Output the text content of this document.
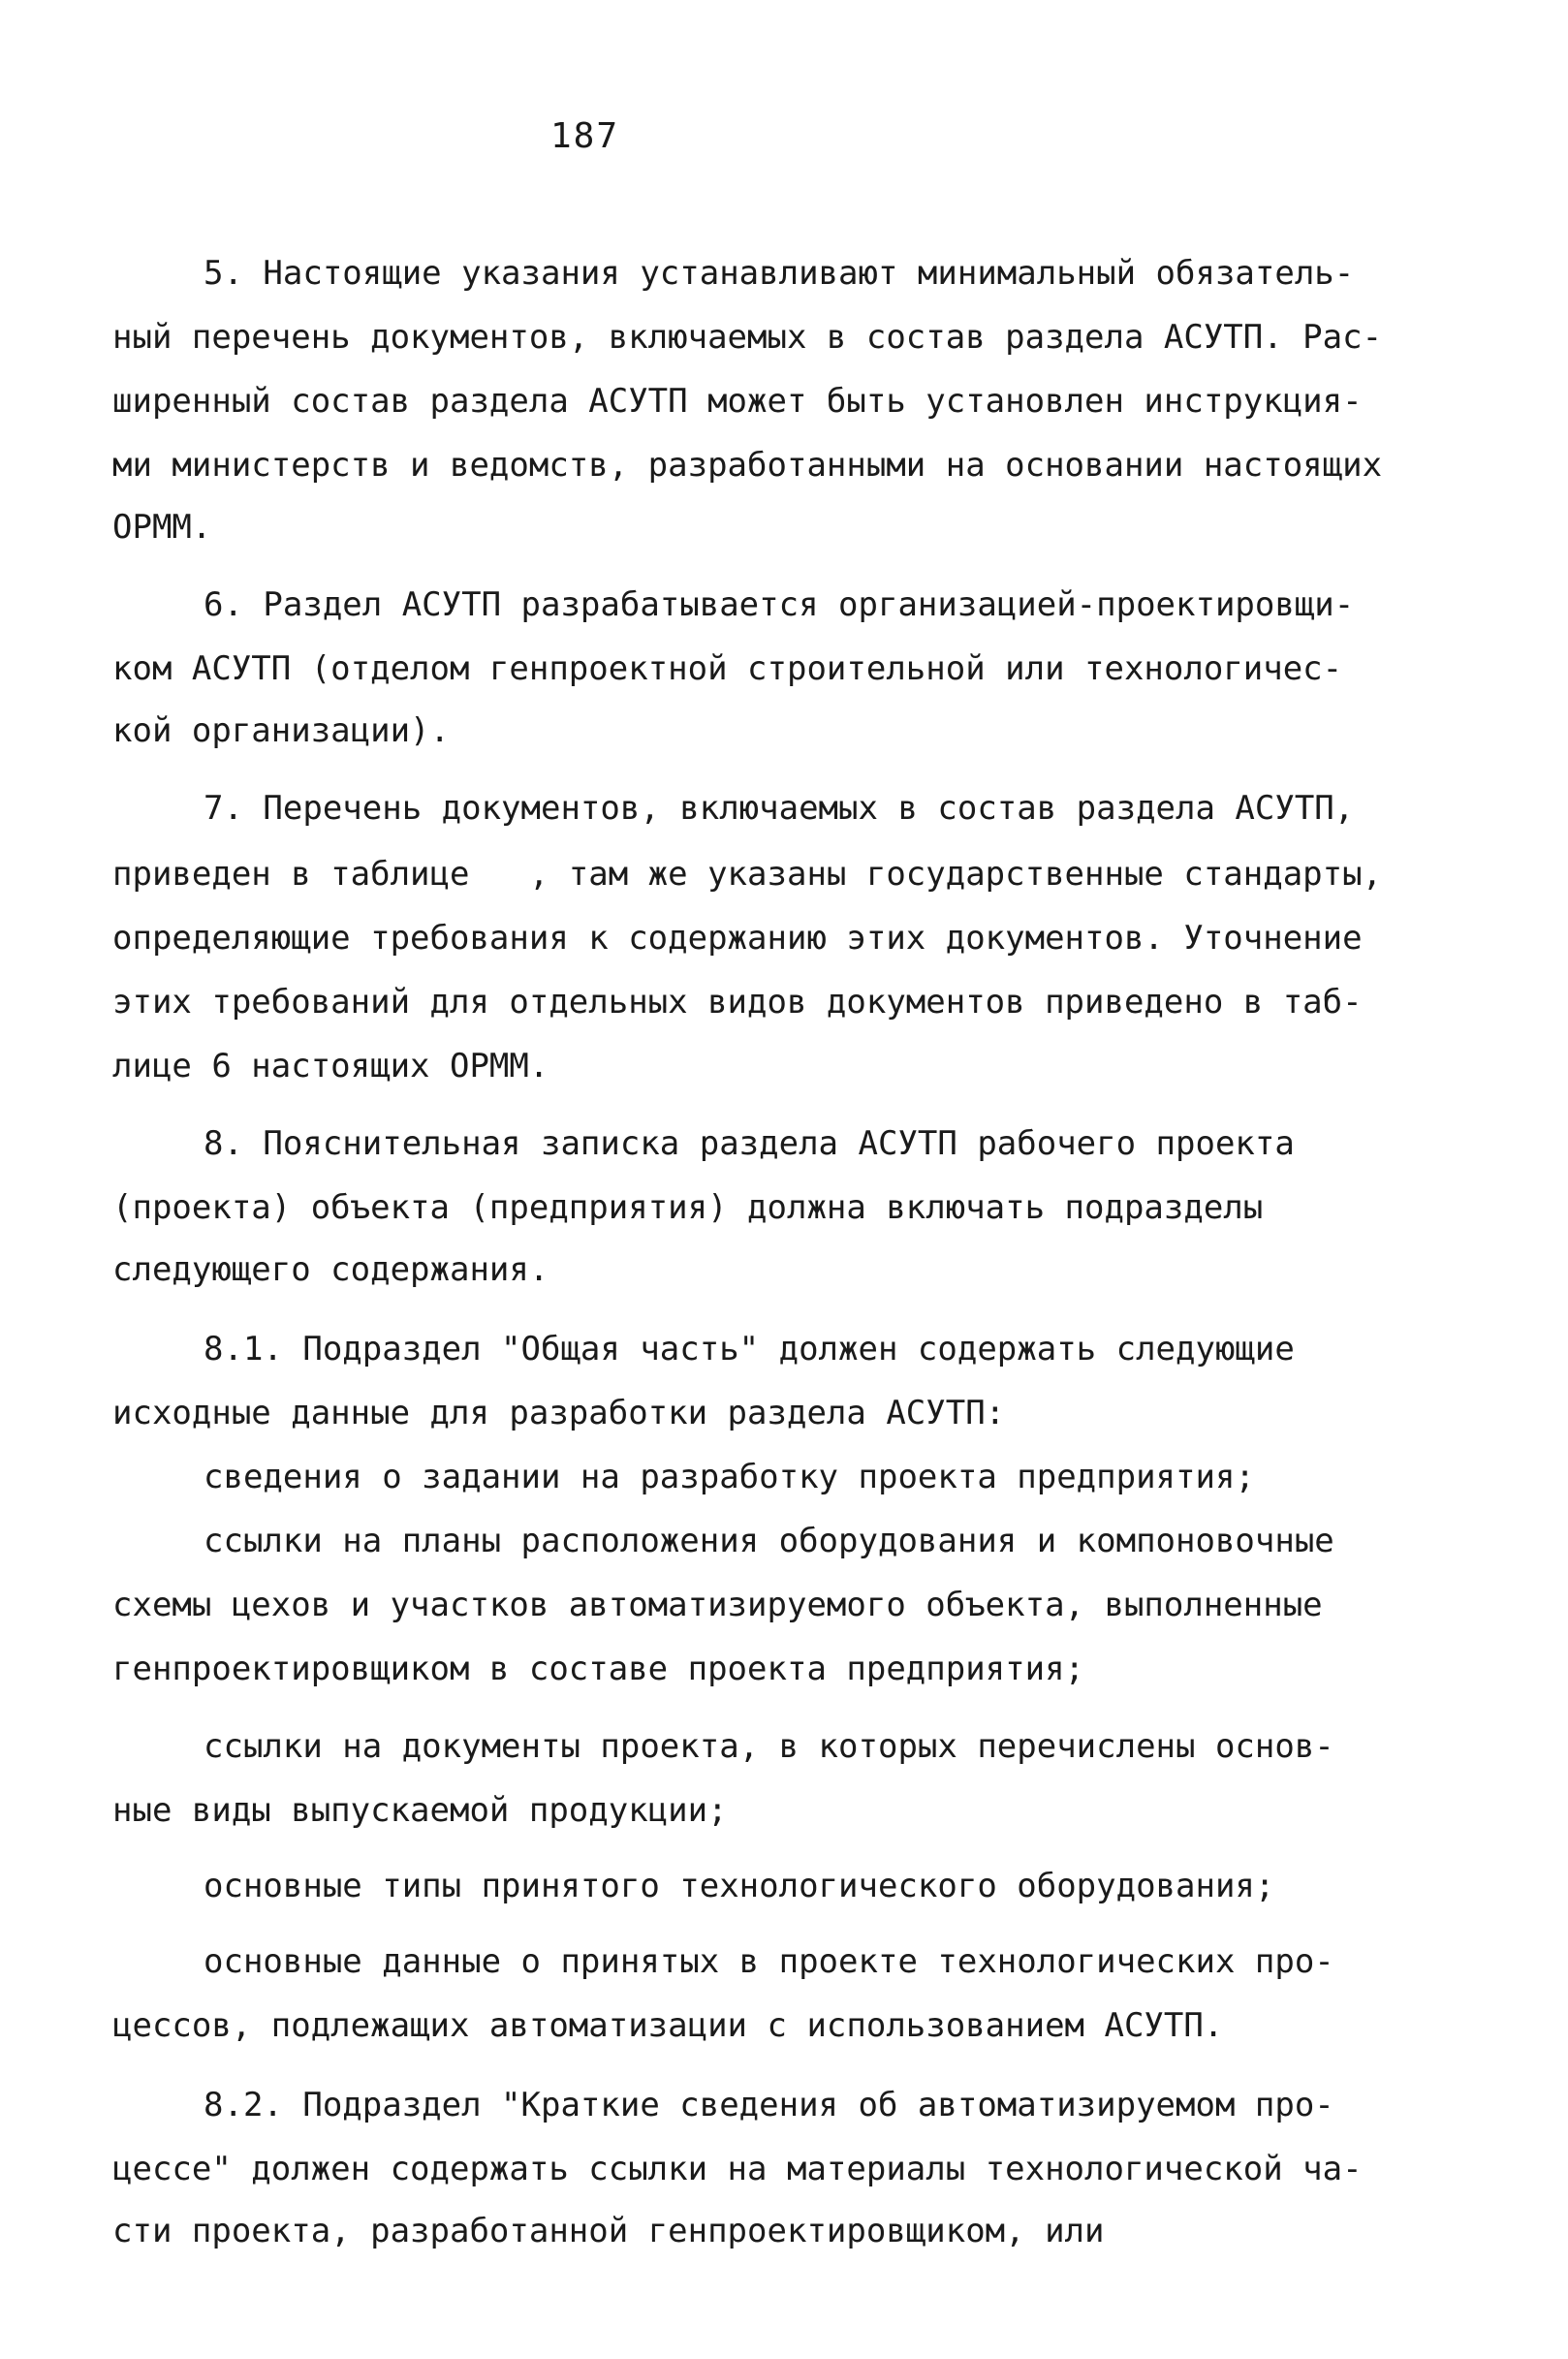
187
5. Настоящие указания устанавливают минимальный обязатель-
ный перечень документов, включаемых в состав раздела АСУТП. Рас-
ширенный состав раздела АСУТП может быть установлен инструкция-
ми министерств и ведомств, разработанными на основании настоящих
ОРММ.
6. Раздел АСУТП разрабатывается организацией-проектировщи-
ком АСУТП (отделом генпроектной строительной или технологичес-
кой организации).
7. Перечень документов, включаемых в состав раздела АСУТП,
приведен в таблице   , там же указаны государственные стандарты,
определяющие требования к содержанию этих документов. Уточнение
этих требований для отдельных видов документов приведено в таб-
лице 6 настоящих ОРММ.
8. Пояснительная записка раздела АСУТП рабочего проекта
(проекта) объекта (предприятия) должна включать подразделы
следующего содержания.
8.1. Подраздел "Общая часть" должен содержать следующие
исходные данные для разработки раздела АСУТП:
сведения о задании на разработку проекта предприятия;
ссылки на планы расположения оборудования и компоновочные
схемы цехов и участков автоматизируемого объекта, выполненные
генпроектировщиком в составе проекта предприятия;
ссылки на документы проекта, в которых перечислены основ-
ные виды выпускаемой продукции;
основные типы принятого технологического оборудования;
основные данные о принятых в проекте технологических про-
цессов, подлежащих автоматизации с использованием АСУТП.
8.2. Подраздел "Краткие сведения об автоматизируемом про-
цессе" должен содержать ссылки на материалы технологической ча-
сти проекта, разработанной генпроектировщиком, или
